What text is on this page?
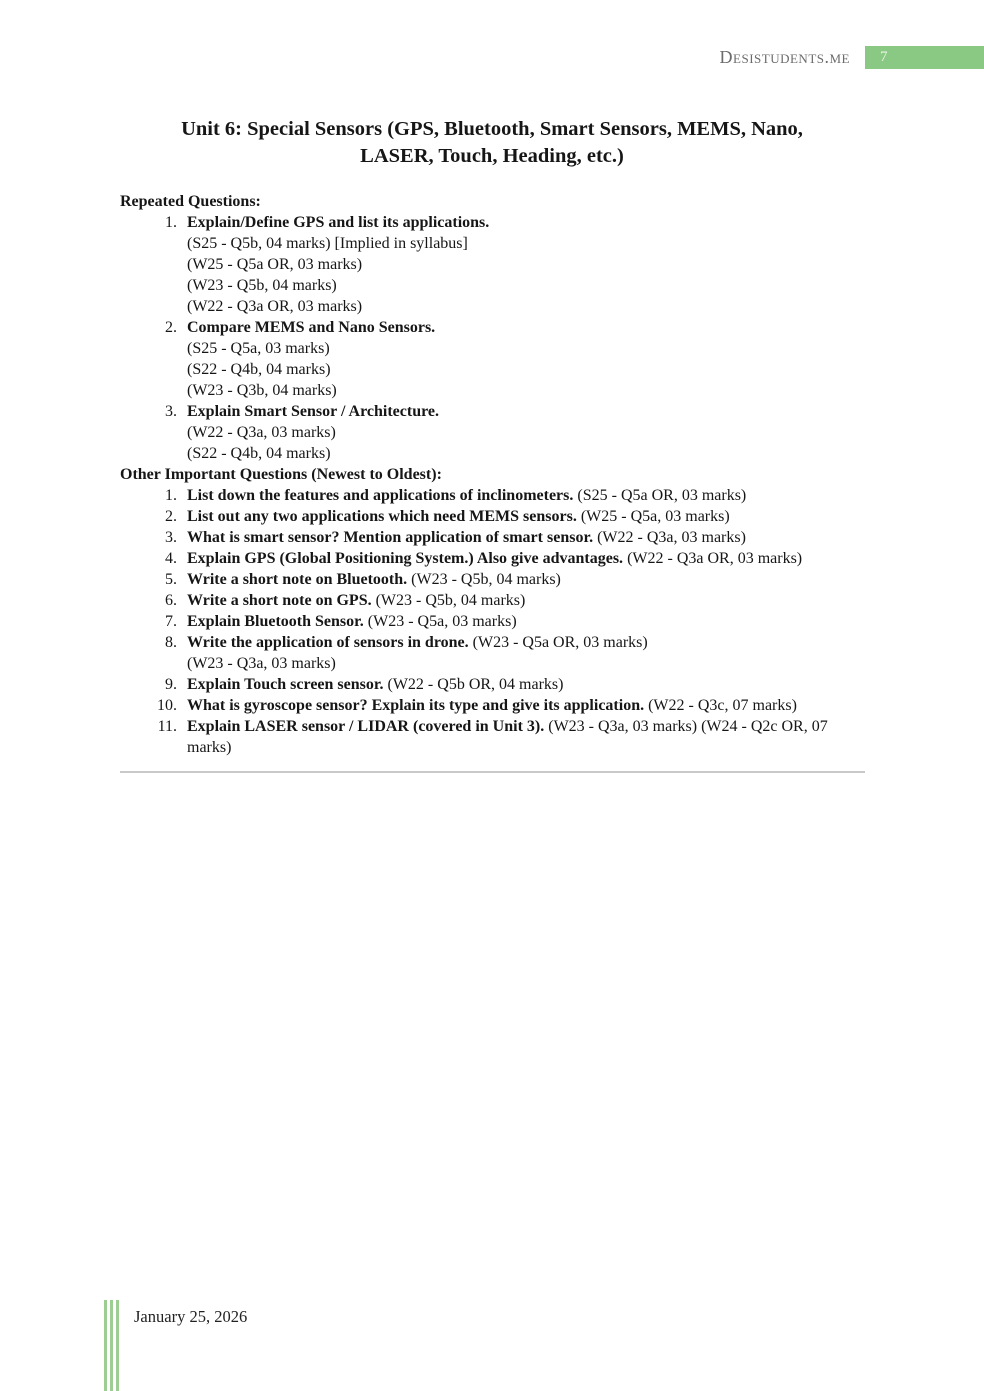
Desistudents.me 7
Unit 6: Special Sensors (GPS, Bluetooth, Smart Sensors, MEMS, Nano,
LASER, Touch, Heading, etc.)
Repeated Questions:
1. Explain/Define GPS and list its applications.
(S25 - Q5b, 04 marks) [Implied in syllabus]
(W25 - Q5a OR, 03 marks)
(W23 - Q5b, 04 marks)
(W22 - Q3a OR, 03 marks)
2. Compare MEMS and Nano Sensors.
(S25 - Q5a, 03 marks)
(S22 - Q4b, 04 marks)
(W23 - Q3b, 04 marks)
3. Explain Smart Sensor / Architecture.
(W22 - Q3a, 03 marks)
(S22 - Q4b, 04 marks)
Other Important Questions (Newest to Oldest):
1. List down the features and applications of inclinometers. (S25 - Q5a OR, 03 marks)
2. List out any two applications which need MEMS sensors. (W25 - Q5a, 03 marks)
3. What is smart sensor? Mention application of smart sensor. (W22 - Q3a, 03 marks)
4. Explain GPS (Global Positioning System.) Also give advantages. (W22 - Q3a OR, 03 marks)
5. Write a short note on Bluetooth. (W23 - Q5b, 04 marks)
6. Write a short note on GPS. (W23 - Q5b, 04 marks)
7. Explain Bluetooth Sensor. (W23 - Q5a, 03 marks)
8. Write the application of sensors in drone. (W23 - Q5a OR, 03 marks)
(W23 - Q3a, 03 marks)
9. Explain Touch screen sensor. (W22 - Q5b OR, 04 marks)
10. What is gyroscope sensor? Explain its type and give its application. (W22 - Q3c, 07 marks)
11. Explain LASER sensor / LIDAR (covered in Unit 3). (W23 - Q3a, 03 marks) (W24 - Q2c OR, 07 marks)
January 25, 2026
